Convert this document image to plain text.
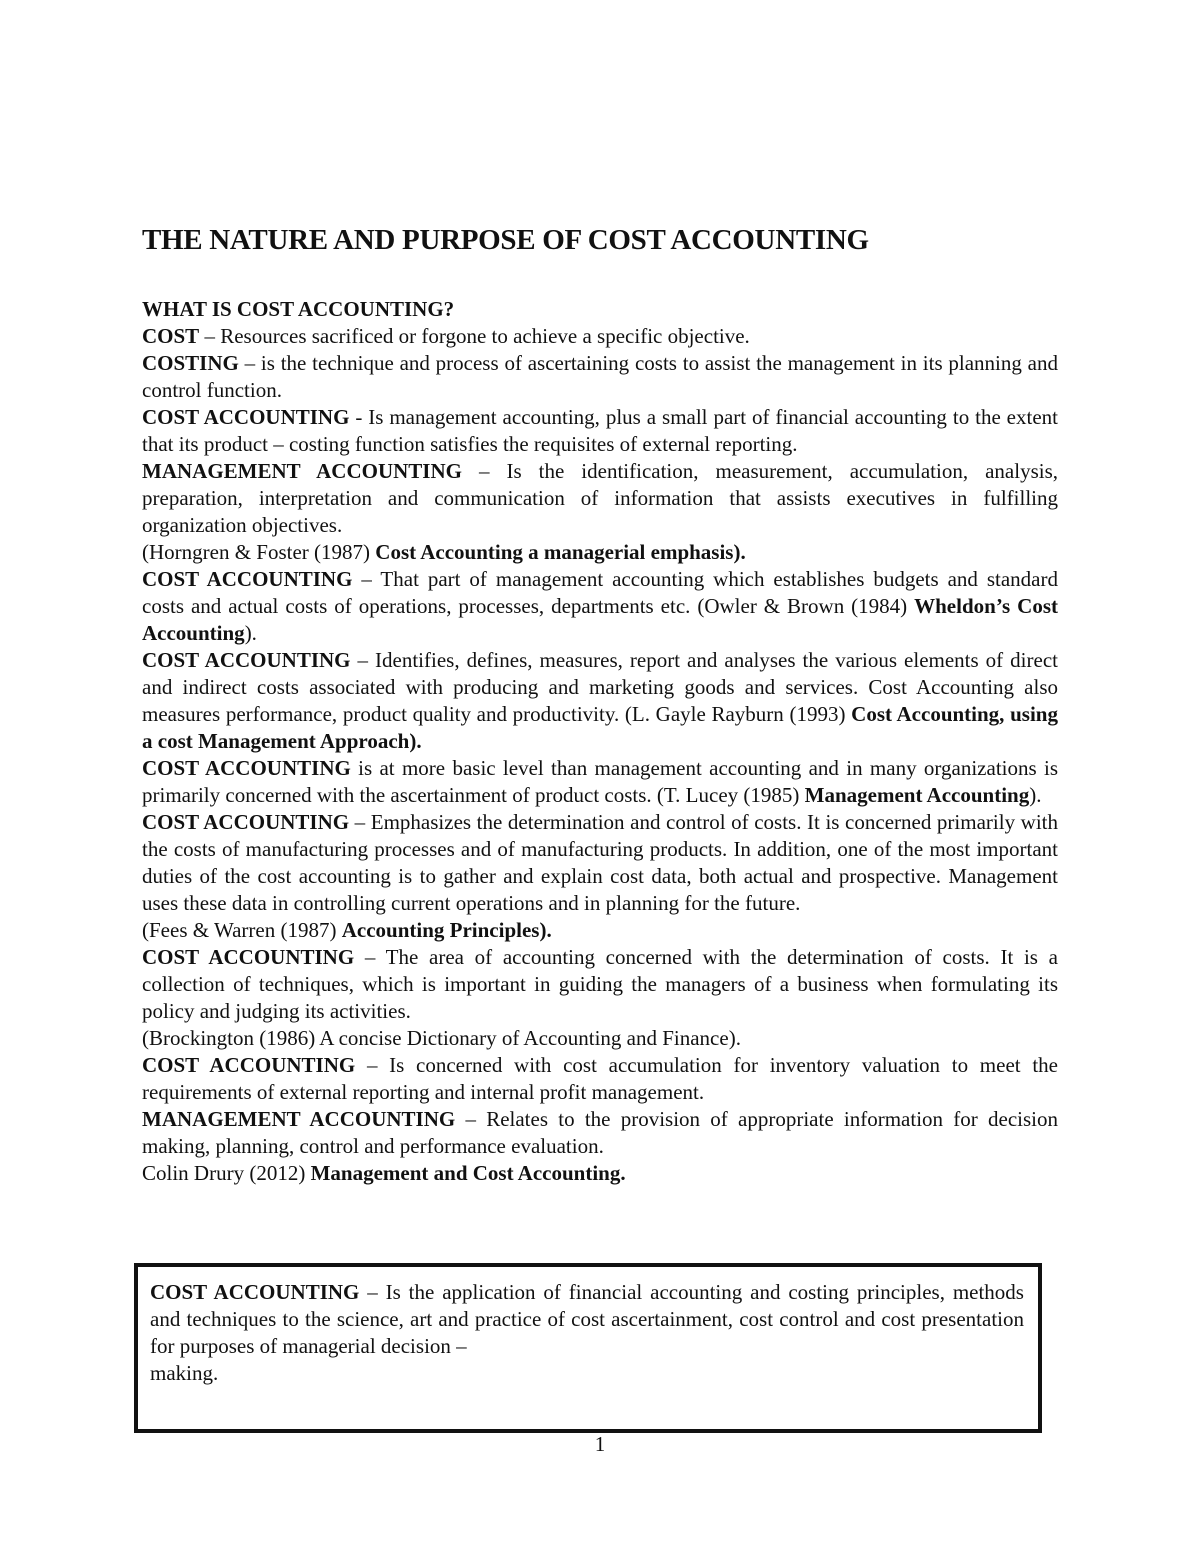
THE NATURE AND PURPOSE OF COST ACCOUNTING

WHAT IS COST ACCOUNTING?

COST – Resources sacrificed or forgone to achieve a specific objective.

COSTING – is the technique and process of ascertaining costs to assist the management in its planning and control function.

COST ACCOUNTING - Is management accounting, plus a small part of financial accounting to the extent that its product – costing function satisfies the requisites of external reporting.

MANAGEMENT ACCOUNTING – Is the identification, measurement, accumulation, analysis, preparation, interpretation and communication of information that assists executives in fulfilling organization objectives.

(Horngren & Foster (1987) Cost Accounting a managerial emphasis).

COST ACCOUNTING – That part of management accounting which establishes budgets and standard costs and actual costs of operations, processes, departments etc. (Owler & Brown (1984) Wheldon’s Cost Accounting).

COST ACCOUNTING – Identifies, defines, measures, report and analyses the various elements of direct and indirect costs associated with producing and marketing goods and services. Cost Accounting also measures performance, product quality and productivity. (L. Gayle Rayburn (1993) Cost Accounting, using a cost Management Approach).

COST ACCOUNTING is at more basic level than management accounting and in many organizations is primarily concerned with the ascertainment of product costs. (T. Lucey (1985) Management Accounting).

COST ACCOUNTING – Emphasizes the determination and control of costs. It is concerned primarily with the costs of manufacturing processes and of manufacturing products. In addition, one of the most important duties of the cost accounting is to gather and explain cost data, both actual and prospective. Management uses these data in controlling current operations and in planning for the future.

(Fees & Warren (1987) Accounting Principles).

COST ACCOUNTING – The area of accounting concerned with the determination of costs. It is a collection of techniques, which is important in guiding the managers of a business when formulating its policy and judging its activities.

(Brockington (1986) A concise Dictionary of Accounting and Finance).

COST ACCOUNTING – Is concerned with cost accumulation for inventory valuation to meet the requirements of external reporting and internal profit management.

MANAGEMENT ACCOUNTING – Relates to the provision of appropriate information for decision making, planning, control and performance evaluation.

Colin Drury (2012) Management and Cost Accounting.

COST ACCOUNTING – Is the application of financial accounting and costing principles, methods and techniques to the science, art and practice of cost ascertainment, cost control and cost presentation for purposes of managerial decision –

making.

1
